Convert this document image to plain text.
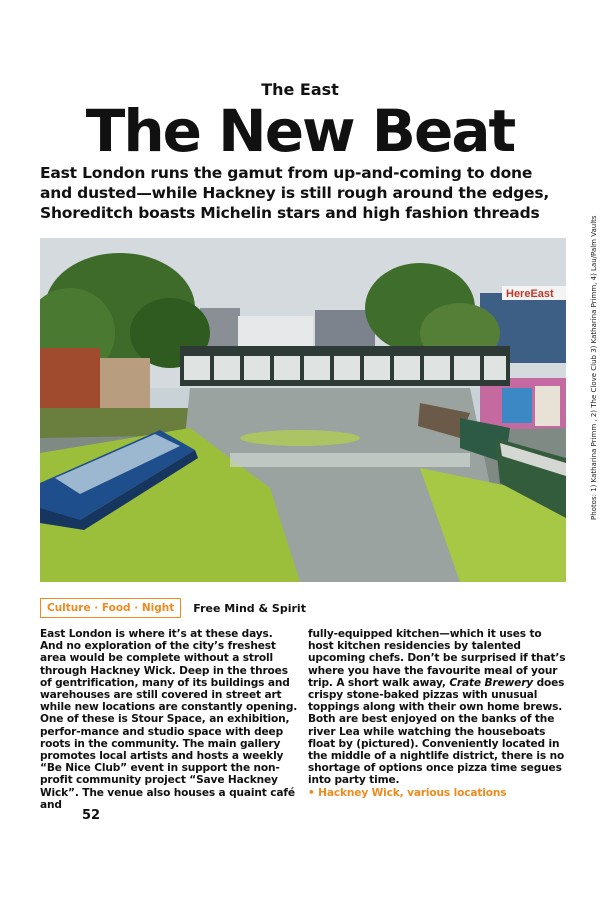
The East
The New Beat
East London runs the gamut from up-and-coming to done and dusted—while Hackney is still rough around the edges, Shoreditch boasts Michelin stars and high fashion threads
HereEast	Photos: 1) Katharina Primm , 2) The Clove Club 3) Katharina Primm, 4) Lau/Palm Vaults
Culture · Food · Night	Free Mind & Spirit

East London is where it’s at these days. And no exploration of the city’s freshest area would be complete without a stroll through Hackney Wick. Deep in the throes of gentrification, many of its buildings and warehouses are still covered in street art while new locations are constantly opening. One of these is Stour Space, an exhibition, perfor-mance and studio space with deep roots in the community. The main gallery promotes local artists and hosts a weekly “Be Nice Club” event in support the non-profit community project “Save Hackney Wick”. The venue also houses a quaint café and

fully-equipped kitchen—which it uses to host kitchen residencies by talented upcoming chefs. Don’t be surprised if that’s where you have the favourite meal of your trip. A short walk away, Crate Brewery does crispy stone-baked pizzas with unusual toppings along with their own home brews. Both are best enjoyed on the banks of the river Lea while watching the houseboats float by (pictured). Conveniently located in the middle of a nightlife district, there is no shortage of options once pizza time segues into party time.

• Hackney Wick, various locations

52
